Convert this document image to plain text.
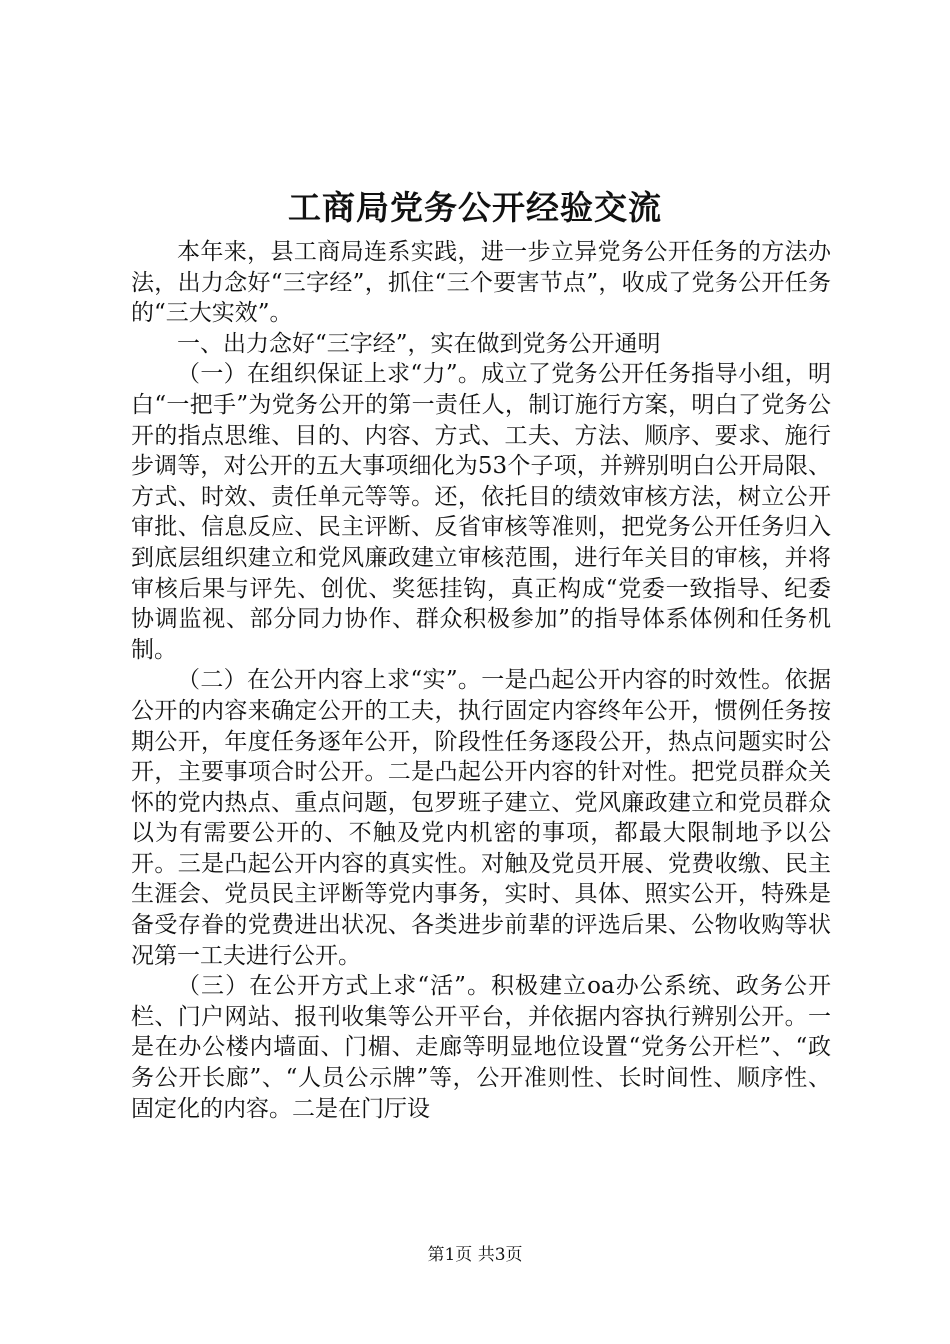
工商局党务公开经验交流

本年来，县工商局连系实践，进一步立异党务公开任务的方法办法，出力念好“三字经”，抓住“三个要害节点”，收成了党务公开任务的“三大实效”。

一、出力念好“三字经”，实在做到党务公开通明

（一）在组织保证上求“力”。成立了党务公开任务指导小组，明白“一把手”为党务公开的第一责任人，制订施行方案，明白了党务公开的指点思维、目的、内容、方式、工夫、方法、顺序、要求、施行步调等，对公开的五大事项细化为53个子项，并辨别明白公开局限、方式、时效、责任单元等等。还，依托目的绩效审核方法，树立公开审批、信息反应、民主评断、反省审核等准则，把党务公开任务归入到底层组织建立和党风廉政建立审核范围，进行年关目的审核，并将审核后果与评先、创优、奖惩挂钩，真正构成“党委一致指导、纪委协调监视、部分同力协作、群众积极参加”的指导体系体例和任务机制。

（二）在公开内容上求“实”。一是凸起公开内容的时效性。依据公开的内容来确定公开的工夫，执行固定内容终年公开，惯例任务按期公开，年度任务逐年公开，阶段性任务逐段公开，热点问题实时公开，主要事项合时公开。二是凸起公开内容的针对性。把党员群众关怀的党内热点、重点问题，包罗班子建立、党风廉政建立和党员群众以为有需要公开的、不触及党内机密的事项，都最大限制地予以公开。三是凸起公开内容的真实性。对触及党员开展、党费收缴、民主生涯会、党员民主评断等党内事务，实时、具体、照实公开，特殊是备受存眷的党费进出状况、各类进步前辈的评选后果、公物收购等状况第一工夫进行公开。

（三）在公开方式上求“活”。积极建立oa办公系统、政务公开栏、门户网站、报刊收集等公开平台，并依据内容执行辨别公开。一是在办公楼内墙面、门楣、走廊等明显地位设置“党务公开栏”、“政务公开长廊”、“人员公示牌”等，公开准则性、长时间性、顺序性、固定化的内容。二是在门厅设

第1页 共3页
